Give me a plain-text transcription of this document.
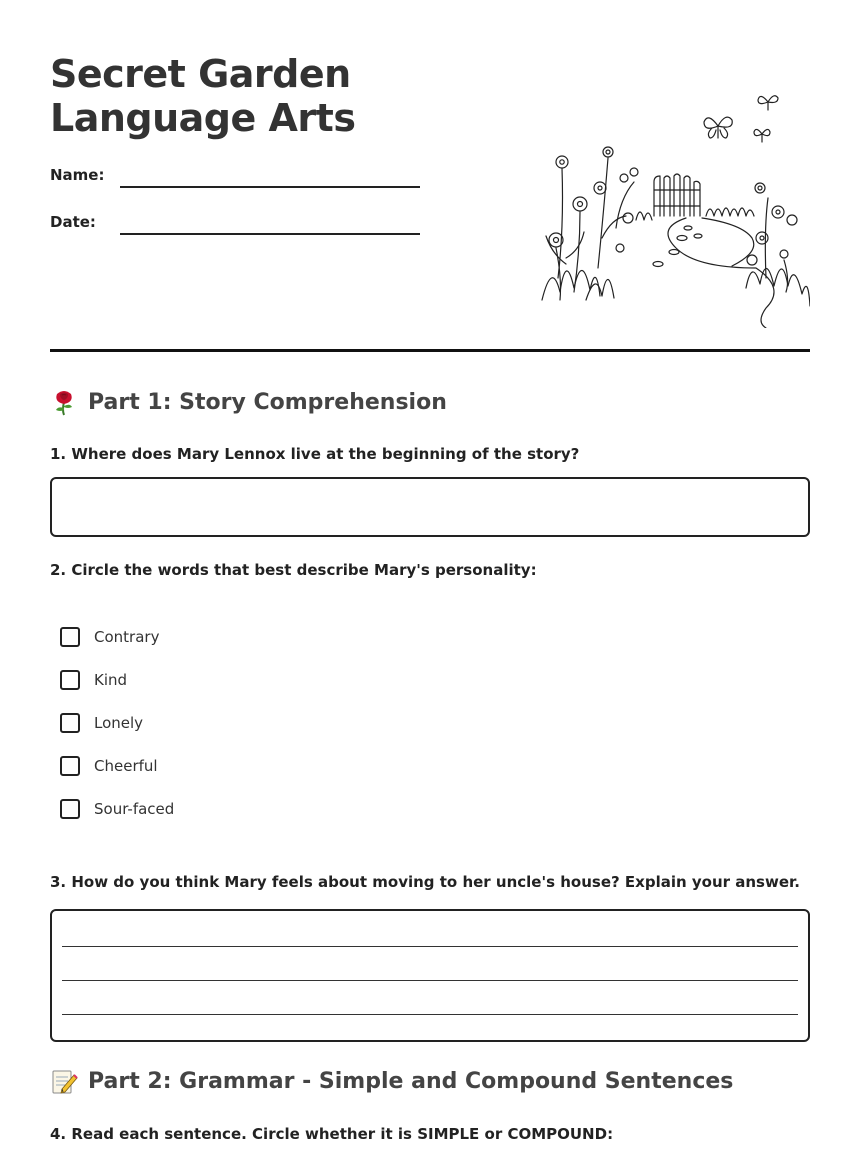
Secret Garden Language Arts
Name:
Date:
Part 1: Story Comprehension

1. Where does Mary Lennox live at the beginning of the story?

2. Circle the words that best describe Mary's personality:

Contrary
Kind
Lonely
Cheerful
Sour-faced

3. How do you think Mary feels about moving to her uncle's house? Explain your answer.

Part 2: Grammar - Simple and Compound Sentences

4. Read each sentence. Circle whether it is SIMPLE or COMPOUND:
